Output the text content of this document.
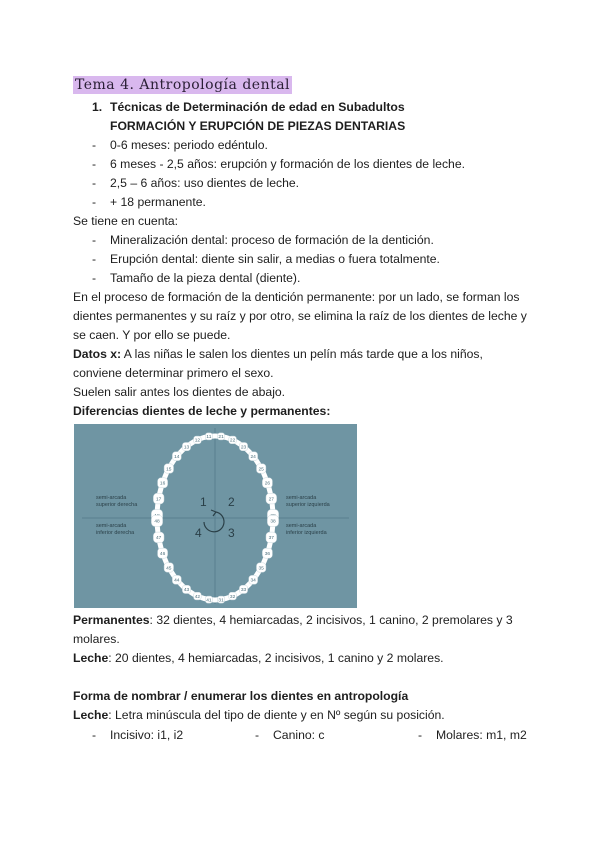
Tema 4. Antropología dental
1. Técnicas de Determinación de edad en Subadultos
FORMACIÓN Y ERUPCIÓN DE PIEZAS DENTARIAS
- 0-6 meses: periodo edéntulo.
- 6 meses - 2,5 años: erupción y formación de los dientes de leche.
- 2,5 – 6 años: uso dientes de leche.
- + 18 permanente.
Se tiene en cuenta:
- Mineralización dental: proceso de formación de la dentición.
- Erupción dental: diente sin salir, a medias o fuera totalmente.
- Tamaño de la pieza dental (diente).
En el proceso de formación de la dentición permanente: por un lado, se forman los
dientes permanentes y su raíz y por otro, se elimina la raíz de los dientes de leche y
se caen. Y por ello se puede.
Datos x: A las niñas le salen los dientes un pelín más tarde que a los niños,
conviene determinar primero el sexo.
Suelen salir antes los dientes de abajo.
Diferencias dientes de leche y permanentes:
1 2
3
4
semi-arcada
superior derecha
semi-arcada
superior izquierda
semi-arcada
inferior derecha
semi-arcada
inferior izquierda
11
12
13
14
15
16
17
21
22
23
24
25
26
27
31
32
33
34
35
36
37
38
41
42
43
44
45
46
47
48
Permanentes: 32 dientes, 4 hemiarcadas, 2 incisivos, 1 canino, 2 premolares y 3
molares.
Leche: 20 dientes, 4 hemiarcadas, 2 incisivos, 1 canino y 2 molares.
Forma de nombrar / enumerar los dientes en antropología
Leche: Letra minúscula del tipo de diente y en Nº según su posición.
- Incisivo: i1, i2	- Canino: c	- Molares: m1, m2
